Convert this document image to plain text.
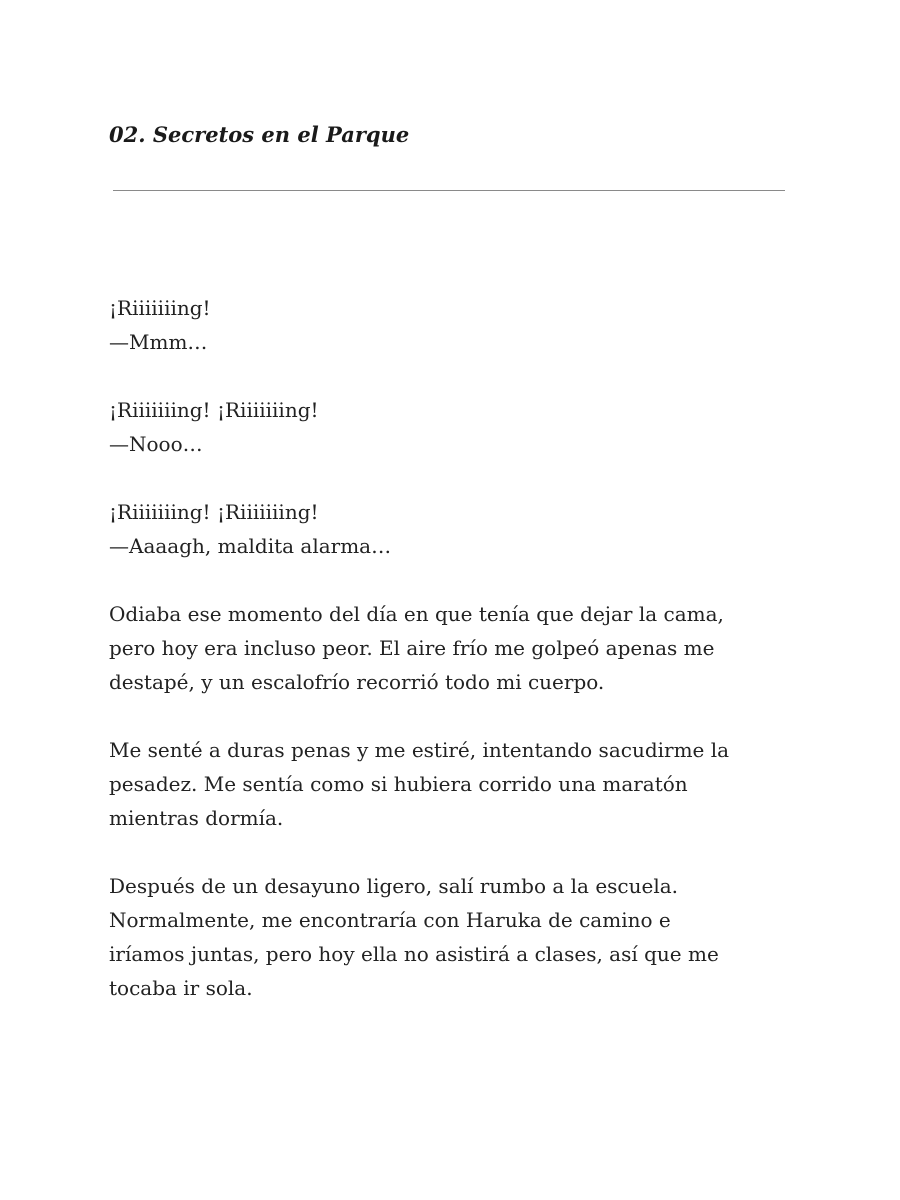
02. Secretos en el Parque

¡Riiiiiiing!
—Mmm…

¡Riiiiiiing! ¡Riiiiiiing!
—Nooo…

¡Riiiiiiing! ¡Riiiiiiing!
—Aaaagh, maldita alarma…

Odiaba ese momento del día en que tenía que dejar la cama,
pero hoy era incluso peor. El aire frío me golpeó apenas me
destapé, y un escalofrío recorrió todo mi cuerpo.

Me senté a duras penas y me estiré, intentando sacudirme la
pesadez. Me sentía como si hubiera corrido una maratón
mientras dormía.

Después de un desayuno ligero, salí rumbo a la escuela.
Normalmente, me encontraría con Haruka de camino e
iríamos juntas, pero hoy ella no asistirá a clases, así que me
tocaba ir sola.
